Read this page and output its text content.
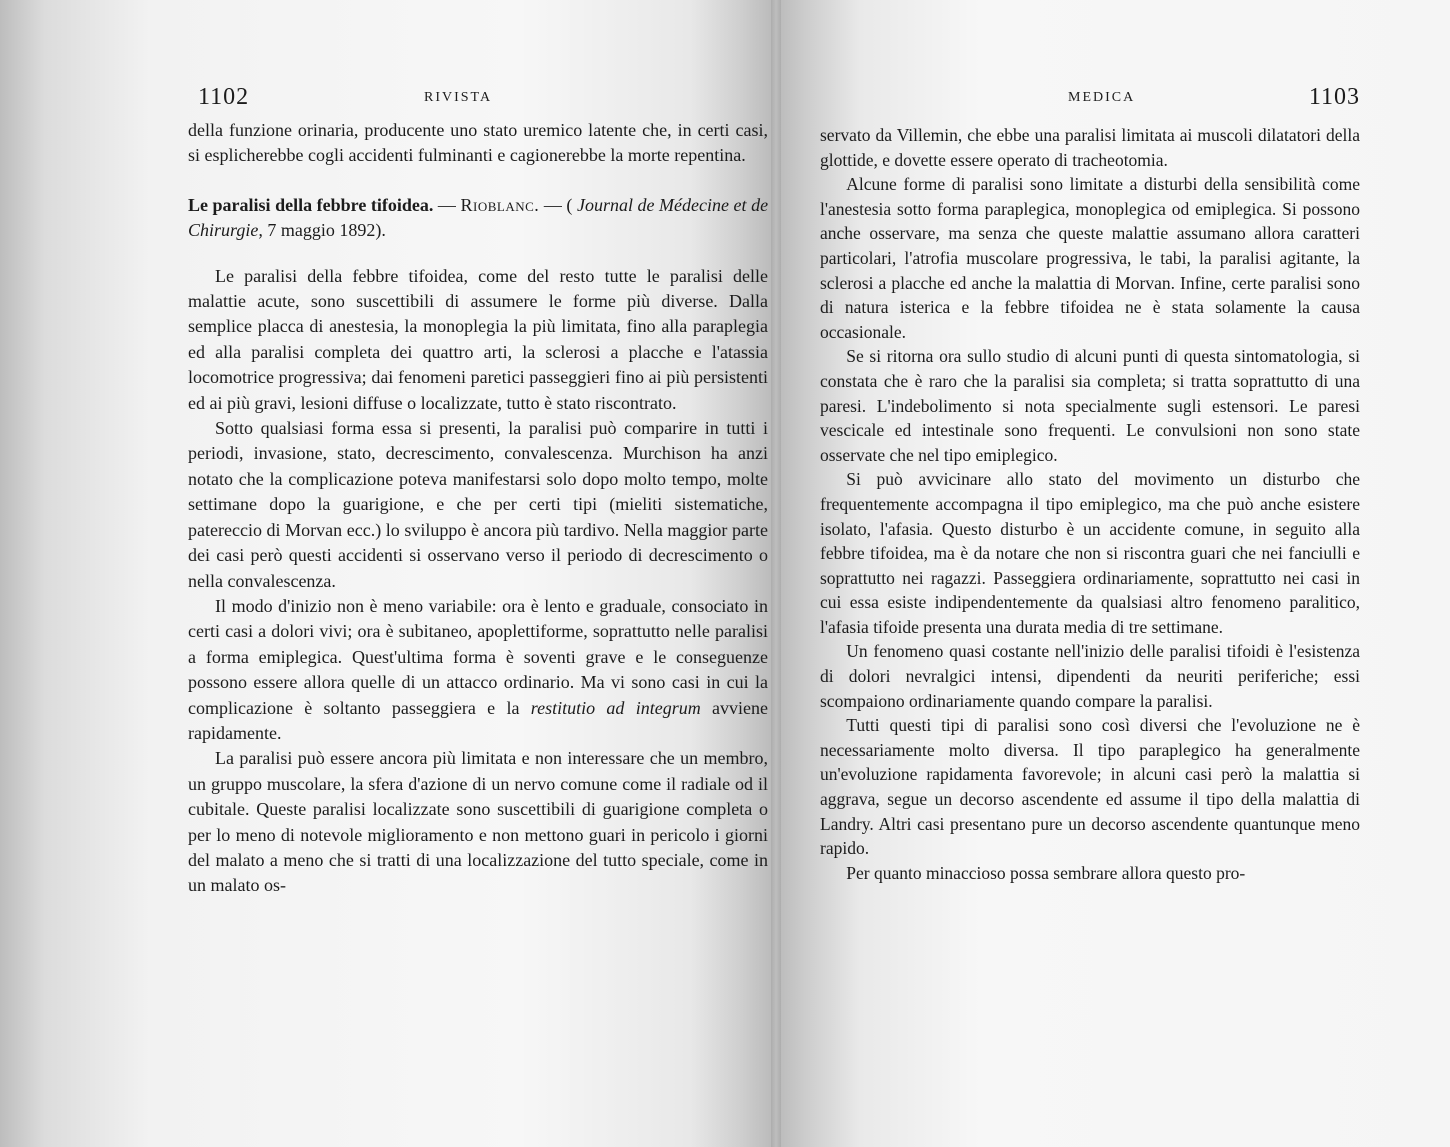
1102	RIVISTA

della funzione orinaria, producente uno stato uremico latente che, in certi casi, si esplicherebbe cogli accidenti fulminanti e cagionerebbe la morte repentina.

Le paralisi della febbre tifoidea. — Rioblanc. — ( Journal de Médecine et de Chirurgie, 7 maggio 1892).

Le paralisi della febbre tifoidea, come del resto tutte le paralisi delle malattie acute, sono suscettibili di assumere le forme più diverse. Dalla semplice placca di anestesia, la monoplegia la più limitata, fino alla paraplegia ed alla paralisi completa dei quattro arti, la sclerosi a placche e l'atassia locomotrice progressiva; dai fenomeni paretici passeggieri fino ai più persistenti ed ai più gravi, lesioni diffuse o localizzate, tutto è stato riscontrato.

Sotto qualsiasi forma essa si presenti, la paralisi può comparire in tutti i periodi, invasione, stato, decrescimento, convalescenza. Murchison ha anzi notato che la complicazione poteva manifestarsi solo dopo molto tempo, molte settimane dopo la guarigione, e che per certi tipi (mieliti sistematiche, patereccio di Morvan ecc.) lo sviluppo è ancora più tardivo. Nella maggior parte dei casi però questi accidenti si osservano verso il periodo di decrescimento o nella convalescenza.

Il modo d'inizio non è meno variabile: ora è lento e graduale, consociato in certi casi a dolori vivi; ora è subitaneo, apoplettiforme, soprattutto nelle paralisi a forma emiplegica. Quest'ultima forma è soventi grave e le conseguenze possono essere allora quelle di un attacco ordinario. Ma vi sono casi in cui la complicazione è soltanto passeggiera e la restitutio ad integrum avviene rapidamente.

La paralisi può essere ancora più limitata e non interessare che un membro, un gruppo muscolare, la sfera d'azione di un nervo comune come il radiale od il cubitale. Queste paralisi localizzate sono suscettibili di guarigione completa o per lo meno di notevole miglioramento e non mettono guari in pericolo i giorni del malato a meno che si tratti di una localizzazione del tutto speciale, come in un malato os-

MEDICA	1103

servato da Villemin, che ebbe una paralisi limitata ai muscoli dilatatori della glottide, e dovette essere operato di tracheotomia.

Alcune forme di paralisi sono limitate a disturbi della sensibilità come l'anestesia sotto forma paraplegica, monoplegica od emiplegica. Si possono anche osservare, ma senza che queste malattie assumano allora caratteri particolari, l'atrofia muscolare progressiva, le tabi, la paralisi agitante, la sclerosi a placche ed anche la malattia di Morvan. Infine, certe paralisi sono di natura isterica e la febbre tifoidea ne è stata solamente la causa occasionale.

Se si ritorna ora sullo studio di alcuni punti di questa sintomatologia, si constata che è raro che la paralisi sia completa; si tratta soprattutto di una paresi. L'indebolimento si nota specialmente sugli estensori. Le paresi vescicale ed intestinale sono frequenti. Le convulsioni non sono state osservate che nel tipo emiplegico.

Si può avvicinare allo stato del movimento un disturbo che frequentemente accompagna il tipo emiplegico, ma che può anche esistere isolato, l'afasia. Questo disturbo è un accidente comune, in seguito alla febbre tifoidea, ma è da notare che non si riscontra guari che nei fanciulli e soprattutto nei ragazzi. Passeggiera ordinariamente, soprattutto nei casi in cui essa esiste indipendentemente da qualsiasi altro fenomeno paralitico, l'afasia tifoide presenta una durata media di tre settimane.

Un fenomeno quasi costante nell'inizio delle paralisi tifoidi è l'esistenza di dolori nevralgici intensi, dipendenti da neuriti periferiche; essi scompaiono ordinariamente quando compare la paralisi.

Tutti questi tipi di paralisi sono così diversi che l'evoluzione ne è necessariamente molto diversa. Il tipo paraplegico ha generalmente un'evoluzione rapidamenta favorevole; in alcuni casi però la malattia si aggrava, segue un decorso ascendente ed assume il tipo della malattia di Landry. Altri casi presentano pure un decorso ascendente quantunque meno rapido.

Per quanto minaccioso possa sembrare allora questo pro-
